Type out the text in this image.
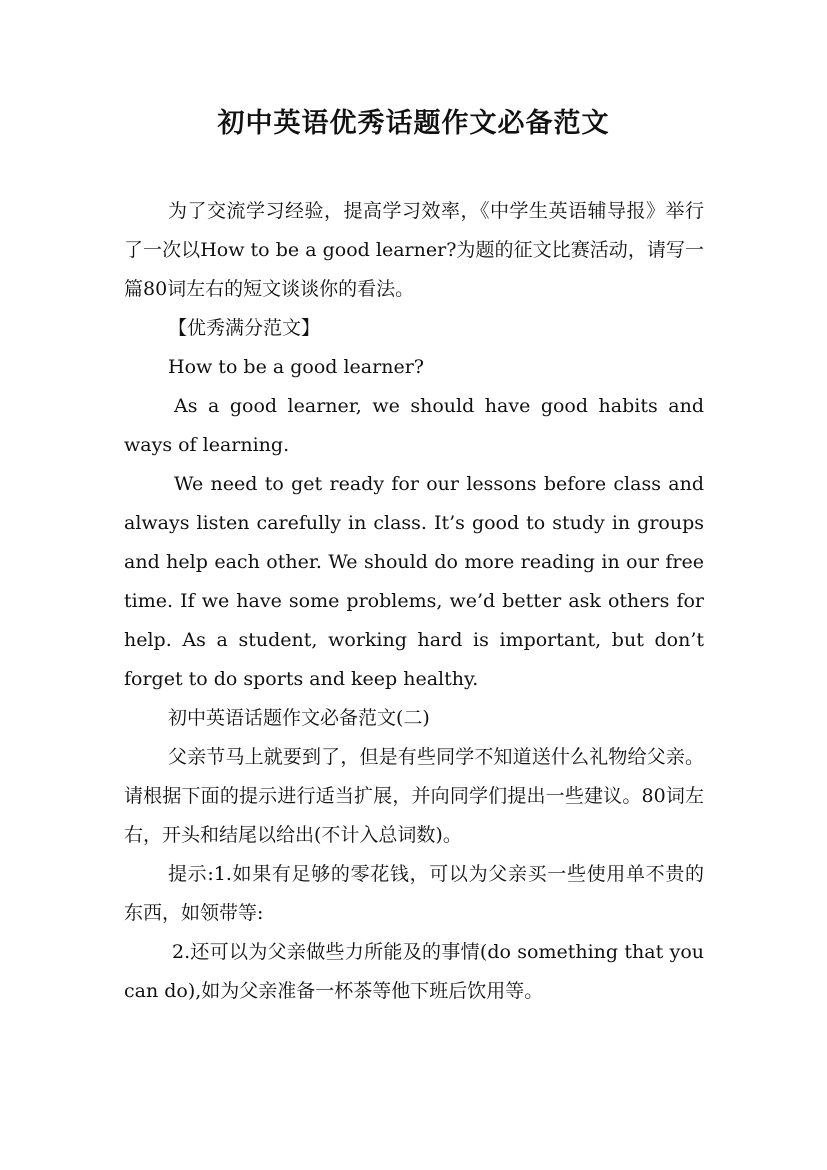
初中英语优秀话题作文必备范文

为了交流学习经验，提高学习效率，《中学生英语辅导报》举行了一次以How to be a good learner?为题的征文比赛活动，请写一篇80词左右的短文谈谈你的看法。

【优秀满分范文】

How to be a good learner?

As a good learner, we should have good habits and ways of learning.

We need to get ready for our lessons before class and always listen carefully in class. It’s good to study in groups and help each other. We should do more reading in our free time. If we have some problems, we’d better ask others for help. As a student, working hard is important, but don’t forget to do sports and keep healthy.

初中英语话题作文必备范文(二)

父亲节马上就要到了，但是有些同学不知道送什么礼物给父亲。请根据下面的提示进行适当扩展，并向同学们提出一些建议。80词左右，开头和结尾以给出(不计入总词数)。

提示:1.如果有足够的零花钱，可以为父亲买一些使用单不贵的东西，如领带等:

2.还可以为父亲做些力所能及的事情(do something that you can do),如为父亲准备一杯茶等他下班后饮用等。
